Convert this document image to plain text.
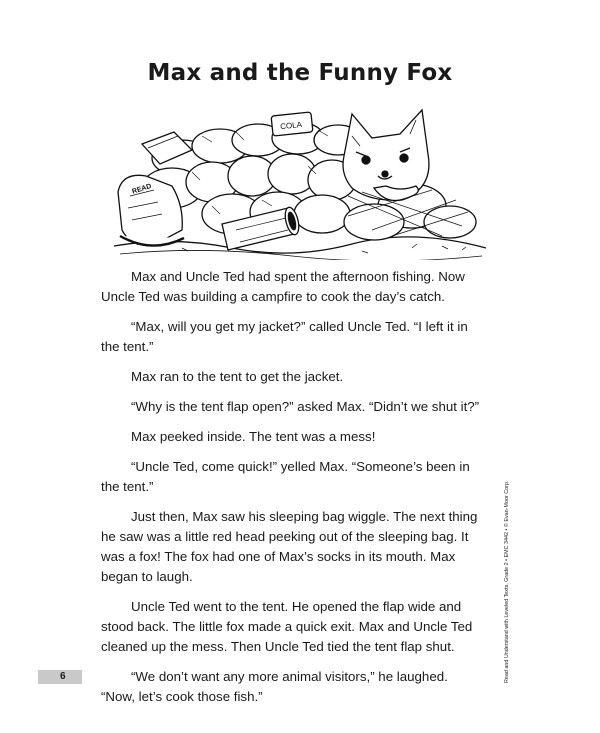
Max and the Funny Fox
COLA
READ

Max and Uncle Ted had spent the afternoon fishing. Now Uncle Ted was building a campfire to cook the day’s catch.

“Max, will you get my jacket?” called Uncle Ted. “I left it in the tent.”

Max ran to the tent to get the jacket.

“Why is the tent flap open?” asked Max. “Didn’t we shut it?”

Max peeked inside. The tent was a mess!

“Uncle Ted, come quick!” yelled Max. “Someone’s been in the tent.”

Just then, Max saw his sleeping bag wiggle. The next thing he saw was a little red head peeking out of the sleeping bag. It was a fox! The fox had one of Max’s socks in its mouth. Max began to laugh.

Uncle Ted went to the tent. He opened the flap wide and stood back. The little fox made a quick exit. Max and Uncle Ted cleaned up the mess. Then Uncle Ted tied the tent flap shut.

“We don’t want any more animal visitors,” he laughed. “Now, let’s cook those fish.”

Read and Understand with Leveled Texts, Grade 2 • EMC 3442 • © Evan-Moor Corp.
6
